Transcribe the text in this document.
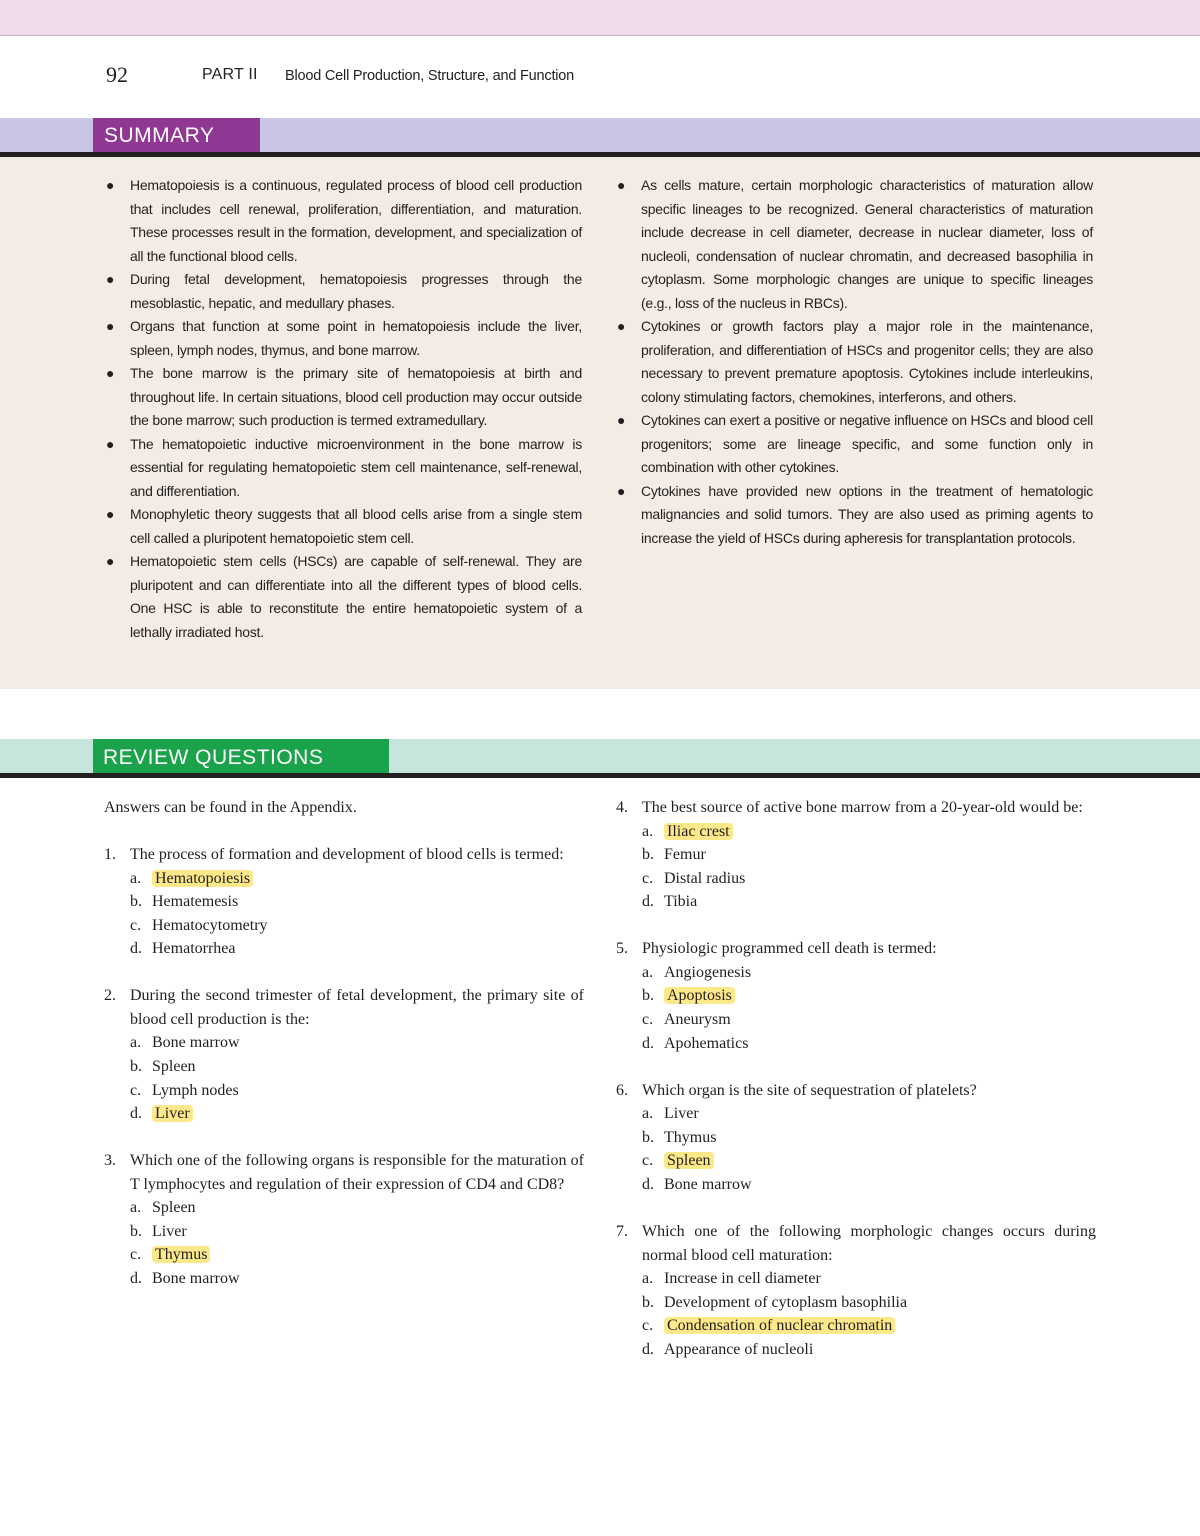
92	PART II Blood Cell Production, Structure, and Function
SUMMARY
● Hematopoiesis is a continuous, regulated process of blood cell production that includes cell renewal, proliferation, differentiation, and maturation. These processes result in the formation, development, and specialization of all the functional blood cells.
● During fetal development, hematopoiesis progresses through the mesoblastic, hepatic, and medullary phases.
● Organs that function at some point in hematopoiesis include the liver, spleen, lymph nodes, thymus, and bone marrow.
● The bone marrow is the primary site of hematopoiesis at birth and throughout life. In certain situations, blood cell production may occur outside the bone marrow; such production is termed extramedullary.
● The hematopoietic inductive microenvironment in the bone marrow is essential for regulating hematopoietic stem cell maintenance, self-renewal, and differentiation.
● Monophyletic theory suggests that all blood cells arise from a single stem cell called a pluripotent hematopoietic stem cell.
● Hematopoietic stem cells (HSCs) are capable of self-renewal. They are pluripotent and can differentiate into all the different types of blood cells. One HSC is able to reconstitute the entire hematopoietic system of a lethally irradiated host.
● As cells mature, certain morphologic characteristics of maturation allow specific lineages to be recognized. General characteristics of maturation include decrease in cell diameter, decrease in nuclear diameter, loss of nucleoli, condensation of nuclear chromatin, and decreased basophilia in cytoplasm. Some morphologic changes are unique to specific lineages (e.g., loss of the nucleus in RBCs).
● Cytokines or growth factors play a major role in the maintenance, proliferation, and differentiation of HSCs and progenitor cells; they are also necessary to prevent premature apoptosis. Cytokines include interleukins, colony stimulating factors, chemokines, interferons, and others.
● Cytokines can exert a positive or negative influence on HSCs and blood cell progenitors; some are lineage specific, and some function only in combination with other cytokines.
● Cytokines have provided new options in the treatment of hematologic malignancies and solid tumors. They are also used as priming agents to increase the yield of HSCs during apheresis for transplantation protocols.
REVIEW QUESTIONS
Answers can be found in the Appendix.
1. The process of formation and development of blood cells is termed:
a. Hematopoiesis
b. Hematemesis
c. Hematocytometry
d. Hematorrhea
2. During the second trimester of fetal development, the primary site of blood cell production is the:
a. Bone marrow
b. Spleen
c. Lymph nodes
d. Liver
3. Which one of the following organs is responsible for the maturation of T lymphocytes and regulation of their expression of CD4 and CD8?
a. Spleen
b. Liver
c. Thymus
d. Bone marrow
4. The best source of active bone marrow from a 20-year-old would be:
a. Iliac crest
b. Femur
c. Distal radius
d. Tibia
5. Physiologic programmed cell death is termed:
a. Angiogenesis
b. Apoptosis
c. Aneurysm
d. Apohematics
6. Which organ is the site of sequestration of platelets?
a. Liver
b. Thymus
c. Spleen
d. Bone marrow
7. Which one of the following morphologic changes occurs during normal blood cell maturation:
a. Increase in cell diameter
b. Development of cytoplasm basophilia
c. Condensation of nuclear chromatin
d. Appearance of nucleoli
